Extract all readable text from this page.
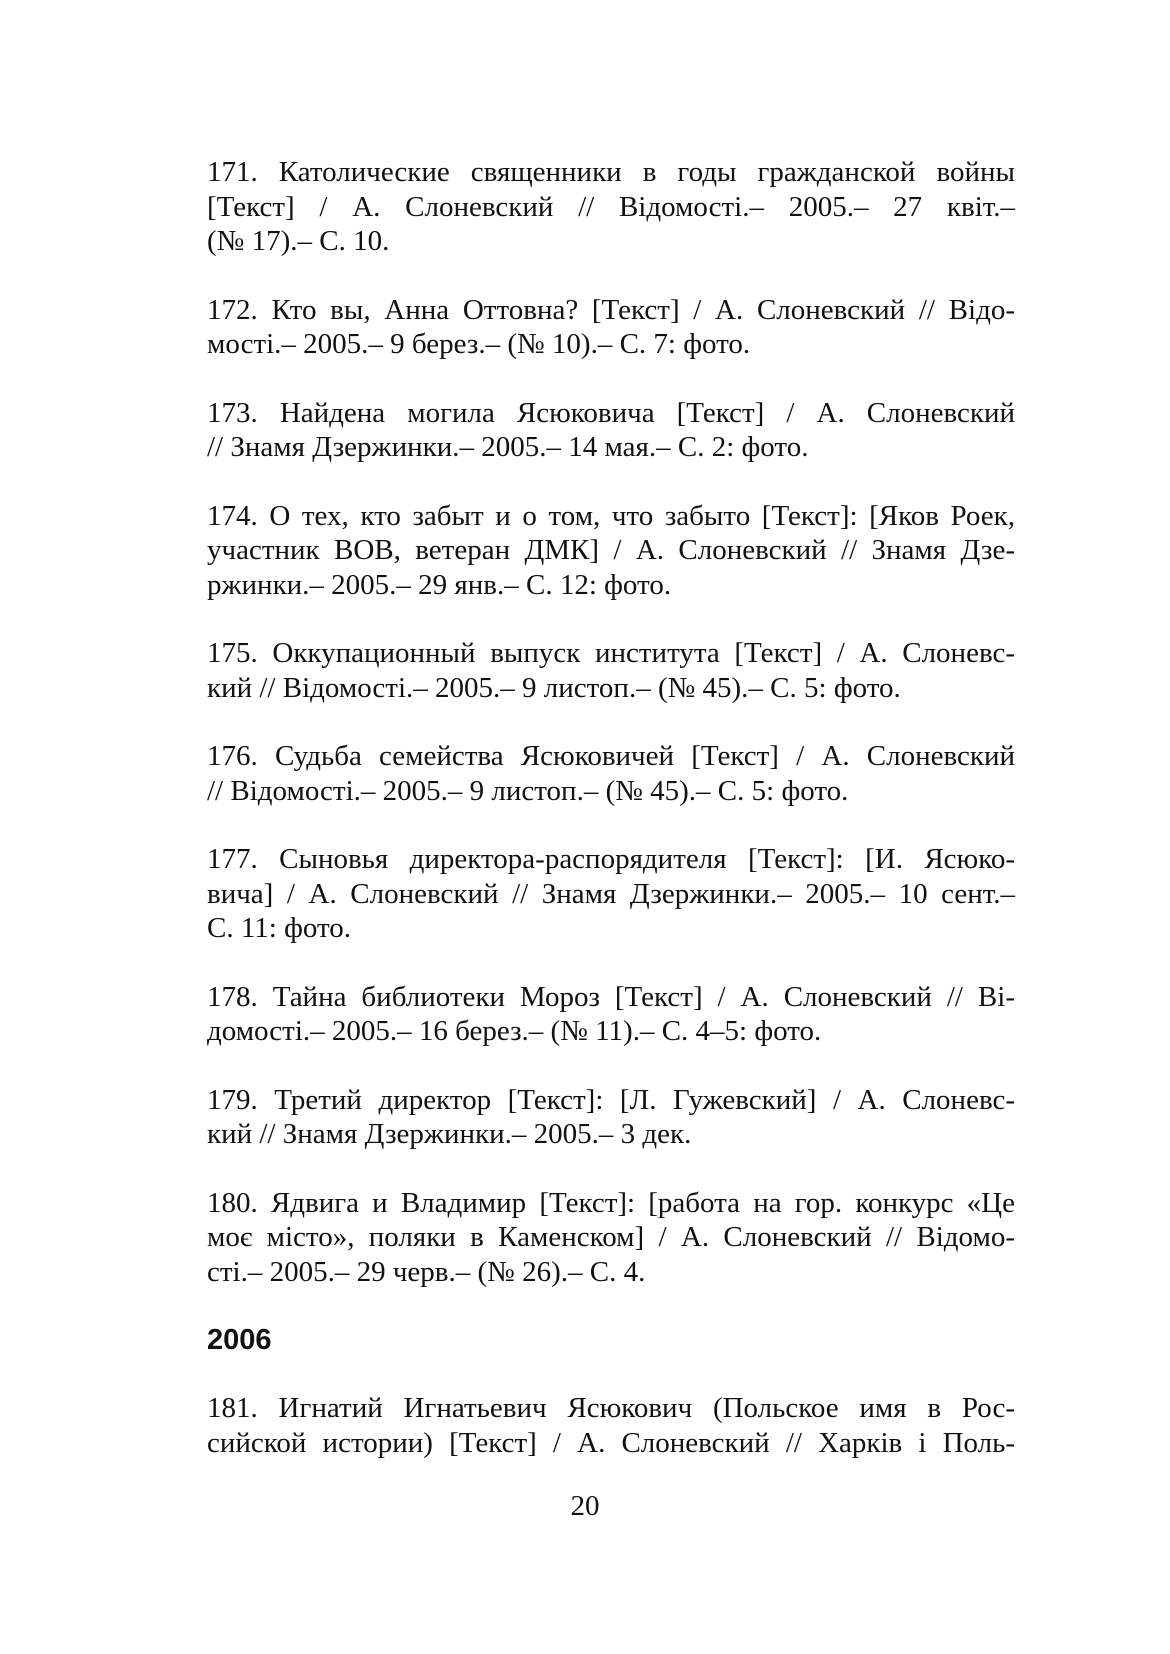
171. Католические священники в годы гражданской войны
[Текст] / А. Слоневский // Відомості.– 2005.– 27 квіт.–
(№ 17).– С. 10.
172. Кто вы, Анна Оттовна? [Текст] / А. Слоневский // Відо-
мості.– 2005.– 9 берез.– (№ 10).– С. 7: фото.
173. Найдена могила Ясюковича [Текст] / А. Слоневский
// Знамя Дзержинки.– 2005.– 14 мая.– С. 2: фото.
174. О тех, кто забыт и о том, что забыто [Текст]: [Яков Роек,
участник ВОВ, ветеран ДМК] / А. Слоневский // Знамя Дзе-
ржинки.– 2005.– 29 янв.– С. 12: фото.
175. Оккупационный выпуск института [Текст] / А. Слоневс-
кий // Відомості.– 2005.– 9 листоп.– (№ 45).– С. 5: фото.
176. Судьба семейства Ясюковичей [Текст] / А. Слоневский
// Відомості.– 2005.– 9 листоп.– (№ 45).– С. 5: фото.
177. Сыновья директора-распорядителя [Текст]: [И. Ясюко-
вича] / А. Слоневский // Знамя Дзержинки.– 2005.– 10 сент.–
С. 11: фото.
178. Тайна библиотеки Мороз [Текст] / А. Слоневский // Ві-
домості.– 2005.– 16 берез.– (№ 11).– С. 4–5: фото.
179. Третий директор [Текст]: [Л. Гужевский] / А. Слоневс-
кий // Знамя Дзержинки.– 2005.– 3 дек.
180. Ядвига и Владимир [Текст]: [работа на гор. конкурс «Це
моє місто», поляки в Каменском] / А. Слоневский // Відомо-
сті.– 2005.– 29 черв.– (№ 26).– С. 4.
2006
181. Игнатий Игнатьевич Ясюкович (Польское имя в Рос-
сийской истории) [Текст] / А. Слоневский // Харків і Поль-
20
